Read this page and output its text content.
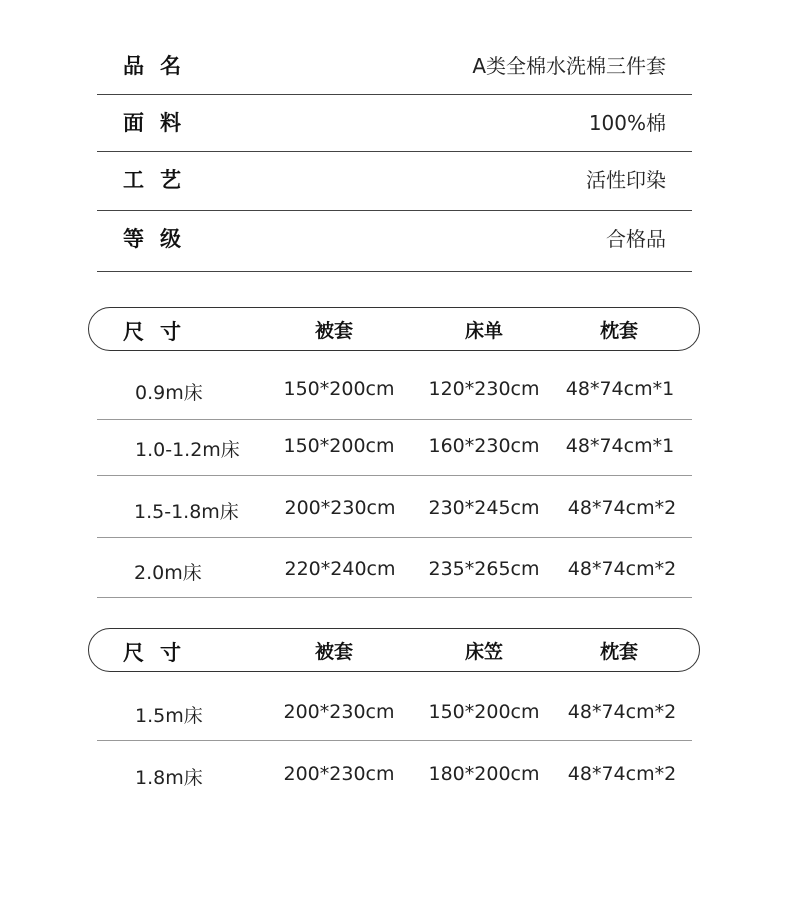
品名	A类全棉水洗棉三件套
面料	100%棉
工艺	活性印染
等级	合格品
尺寸	被套	床单	枕套
0.9m床	150*200cm 120*230cm 48*74cm*1
1.0-1.2m床 150*200cm 160*230cm 48*74cm*1
1.5-1.8m床 200*230cm 230*245cm 48*74cm*2
2.0m床	220*240cm 235*265cm 48*74cm*2
尺寸	被套	床笠	枕套
1.5m床	200*230cm 150*200cm 48*74cm*2
1.8m床	200*230cm 180*200cm 48*74cm*2
